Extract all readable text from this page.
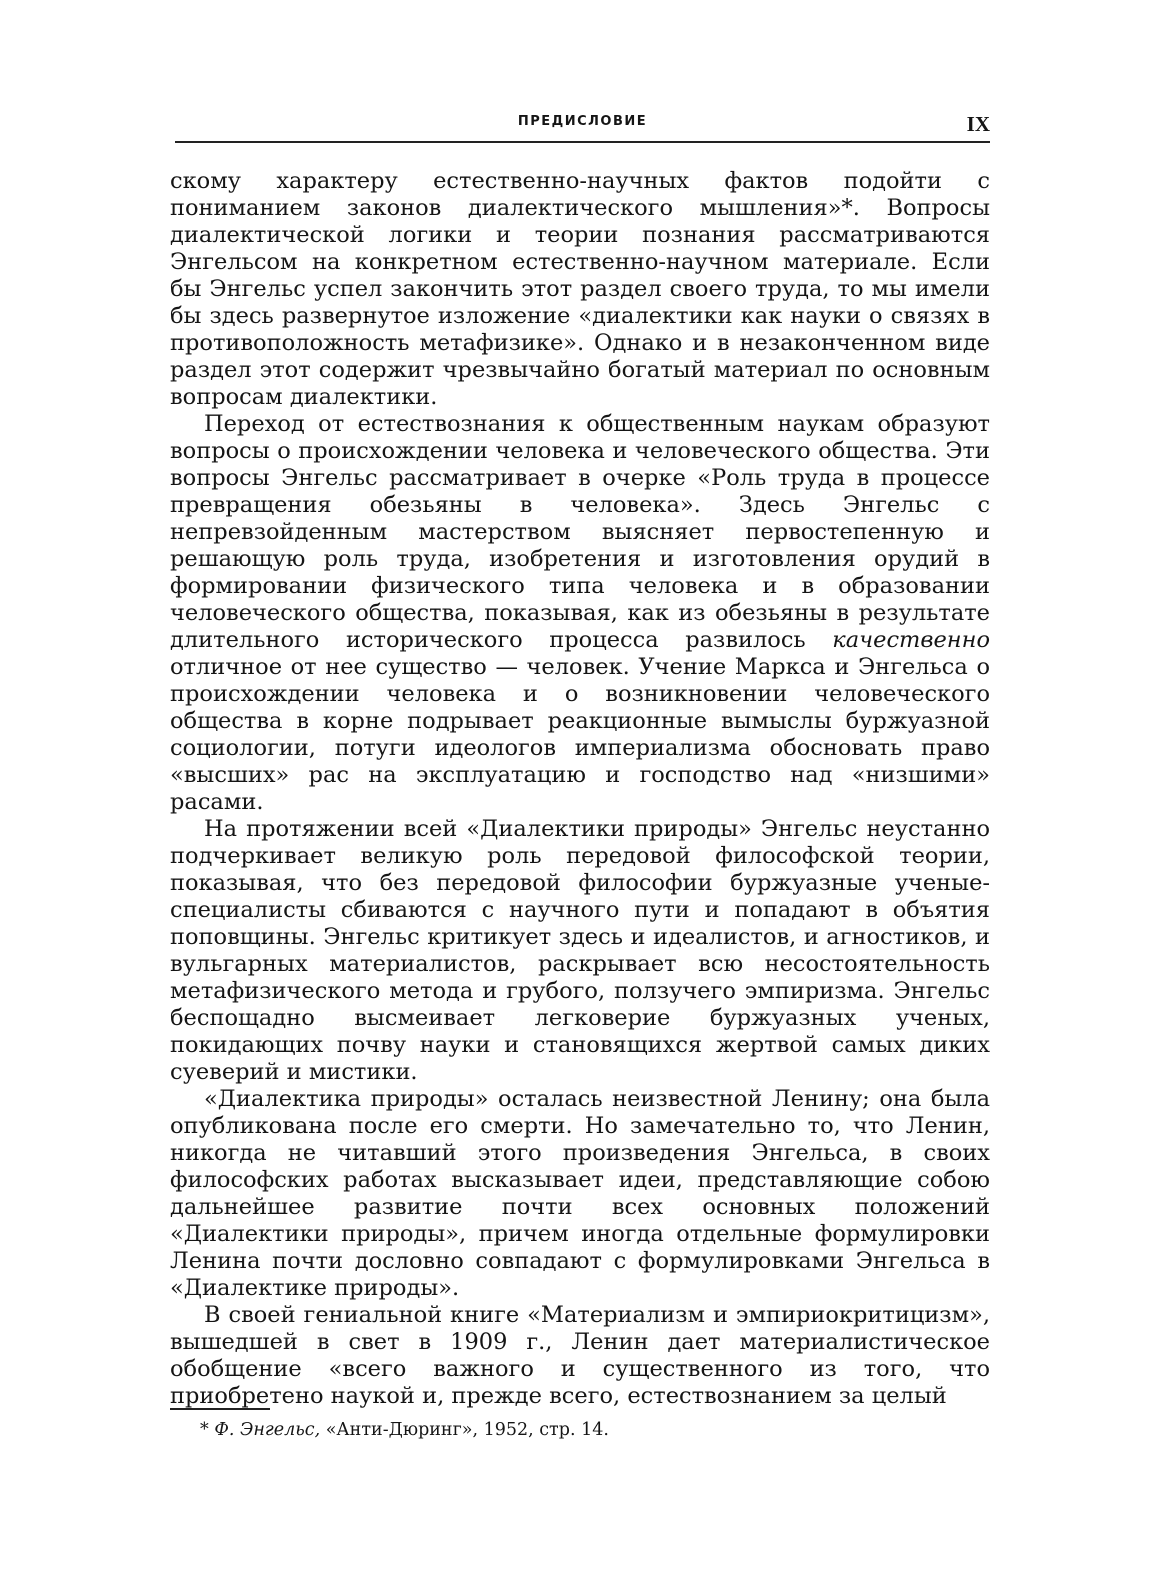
ПРЕДИСЛОВИЕ	IX

скому характеру естественно-научных фактов подойти с пониманием законов диалектического мышления»*. Вопросы диалектической логики и теории познания рассматриваются Энгельсом на конкретном естественно-научном материале. Если бы Энгельс успел закончить этот раздел своего труда, то мы имели бы здесь развернутое изложение «диалектики как науки о связях в противоположность метафизике». Однако и в незаконченном виде раздел этот содержит чрезвычайно богатый материал по основным вопросам диалектики.

Переход от естествознания к общественным наукам образуют вопросы о происхождении человека и человеческого общества. Эти вопросы Энгельс рассматривает в очерке «Роль труда в процессе превращения обезьяны в человека». Здесь Энгельс с непревзойденным мастерством выясняет первостепенную и решающую роль труда, изобретения и изготовления орудий в формировании физического типа человека и в образовании человеческого общества, показывая, как из обезьяны в результате длительного исторического процесса развилось качественно отличное от нее существо — человек. Учение Маркса и Энгельса о происхождении человека и о возникновении человеческого общества в корне подрывает реакционные вымыслы буржуазной социологии, потуги идеологов империализма обосновать право «высших» рас на эксплуатацию и господство над «низшими» расами.

На протяжении всей «Диалектики природы» Энгельс неустанно подчеркивает великую роль передовой философской теории, показывая, что без передовой философии буржуазные ученые-специалисты сбиваются с научного пути и попадают в объятия поповщины. Энгельс критикует здесь и идеалистов, и агностиков, и вульгарных материалистов, раскрывает всю несостоятельность метафизического метода и грубого, ползучего эмпиризма. Энгельс беспощадно высмеивает легковерие буржуазных ученых, покидающих почву науки и становящихся жертвой самых диких суеверий и мистики.

«Диалектика природы» осталась неизвестной Ленину; она была опубликована после его смерти. Но замечательно то, что Ленин, никогда не читавший этого произведения Энгельса, в своих философских работах высказывает идеи, представляющие собою дальнейшее развитие почти всех основных положений «Диалектики природы», причем иногда отдельные формулировки Ленина почти дословно совпадают с формулировками Энгельса в «Диалектике природы».

В своей гениальной книге «Материализм и эмпириокритицизм», вышедшей в свет в 1909 г., Ленин дает материалистическое обобщение «всего важного и существенного из того, что приобретено наукой и, прежде всего, естествознанием за целый

* Ф. Энгельс, «Анти-Дюринг», 1952, стр. 14.
